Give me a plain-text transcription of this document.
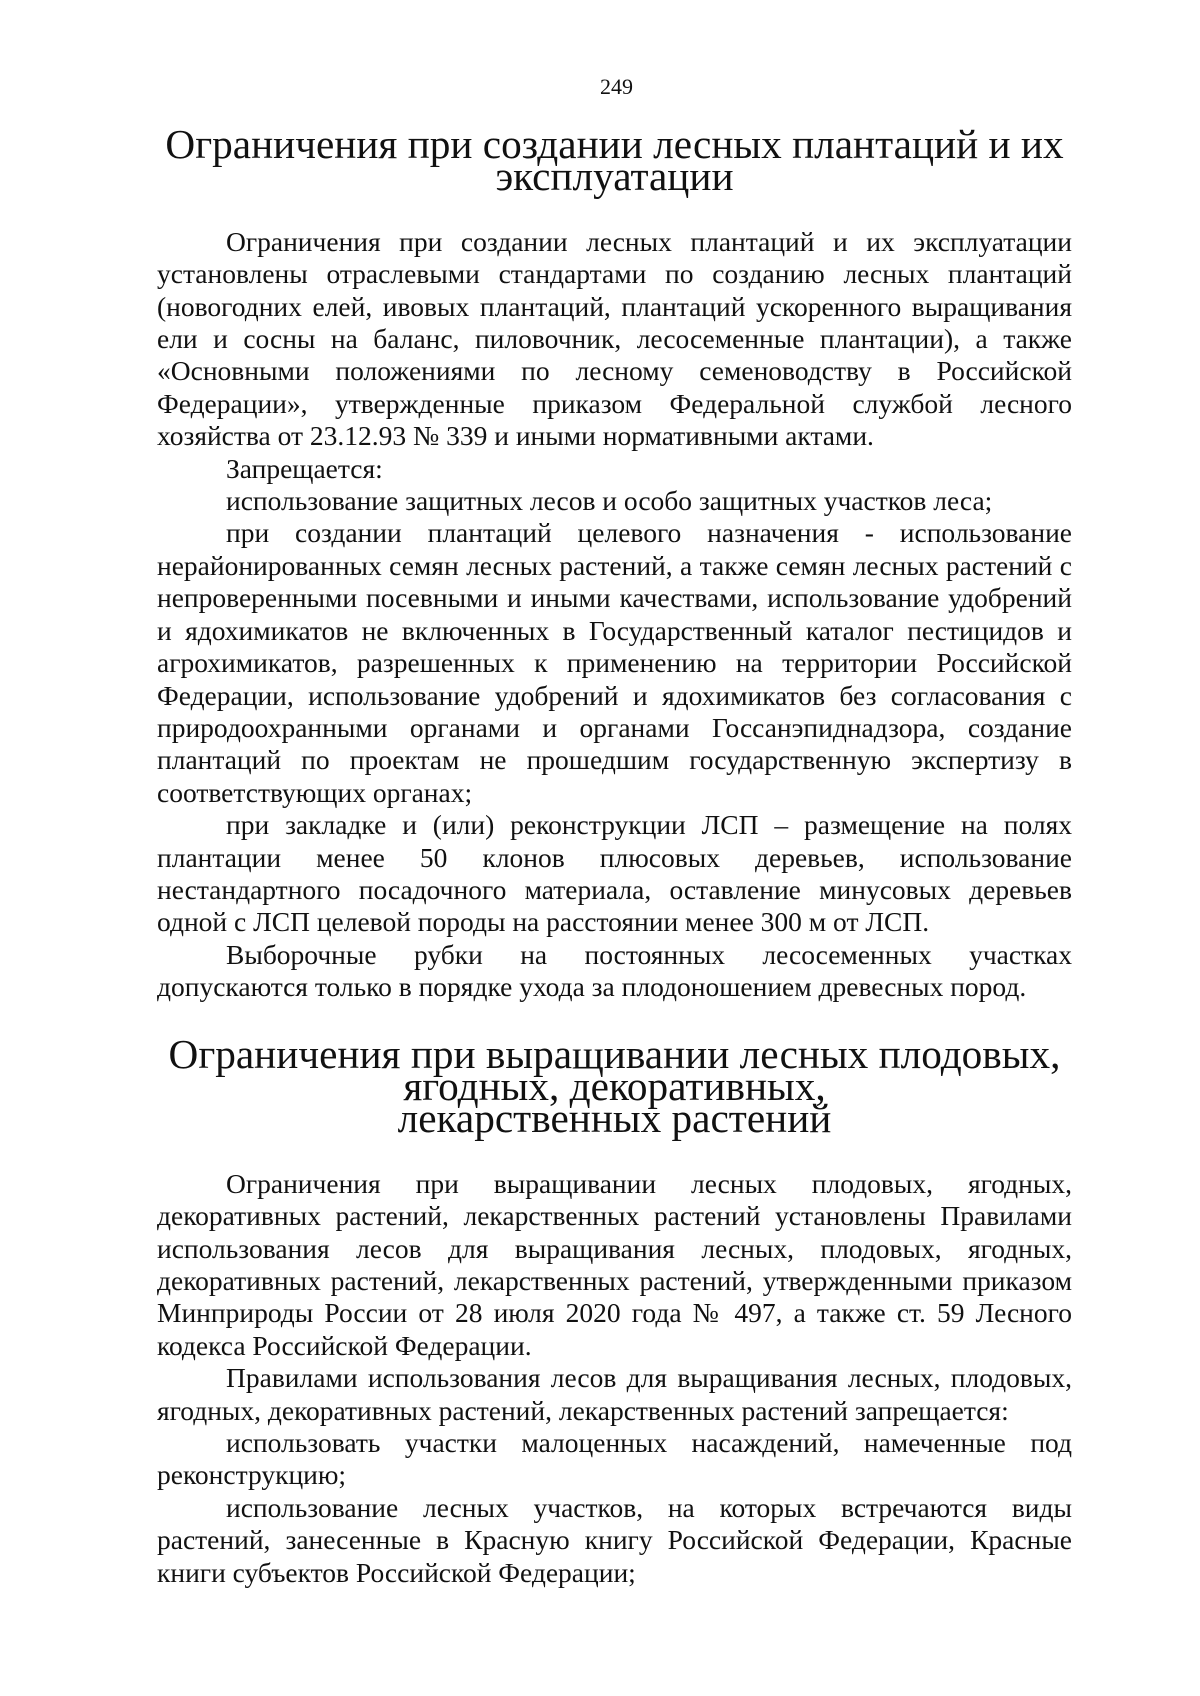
249
Ограничения при создании лесных плантаций и их эксплуатации

Ограничения при создании лесных плантаций и их эксплуатации установлены отраслевыми стандартами по созданию лесных плантаций (новогодних елей, ивовых плантаций, плантаций ускоренного выращивания ели и сосны на баланс, пиловочник, лесосеменные плантации), а также «Основными положениями по лесному семеноводству в Российской Федерации», утвержденные приказом Федеральной службой лесного хозяйства от 23.12.93 № 339 и иными нормативными актами.

Запрещается:

использование защитных лесов и особо защитных участков леса;

при создании плантаций целевого назначения - использование нерайонированных семян лесных растений, а также семян лесных растений с непроверенными посевными и иными качествами, использование удобрений и ядохимикатов не включенных в Государственный каталог пестицидов и агрохимикатов, разрешенных к применению на территории Российской Федерации, использование удобрений и ядохимикатов без согласования с природоохранными органами и органами Госсанэпиднадзора, создание плантаций по проектам не прошедшим государственную экспертизу в соответствующих органах;

при закладке и (или) реконструкции ЛСП – размещение на полях плантации менее 50 клонов плюсовых деревьев, использование нестандартного посадочного материала, оставление минусовых деревьев одной с ЛСП целевой породы на расстоянии менее 300 м от ЛСП.

Выборочные рубки на постоянных лесосеменных участках допускаются только в порядке ухода за плодоношением древесных пород.

Ограничения при выращивании лесных плодовых, ягодных, декоративных,
лекарственных растений

Ограничения при выращивании лесных плодовых, ягодных, декоративных растений, лекарственных растений установлены Правилами использования лесов для выращивания лесных, плодовых, ягодных, декоративных растений, лекарственных растений, утвержденными приказом Минприроды России от 28 июля 2020 года № 497, а также ст. 59 Лесного кодекса Российской Федерации.

Правилами использования лесов для выращивания лесных, плодовых, ягодных, декоративных растений, лекарственных растений запрещается:

использовать участки малоценных насаждений, намеченные под реконструкцию;

использование лесных участков, на которых встречаются виды растений, занесенные в Красную книгу Российской Федерации, Красные книги субъектов Российской Федерации;
